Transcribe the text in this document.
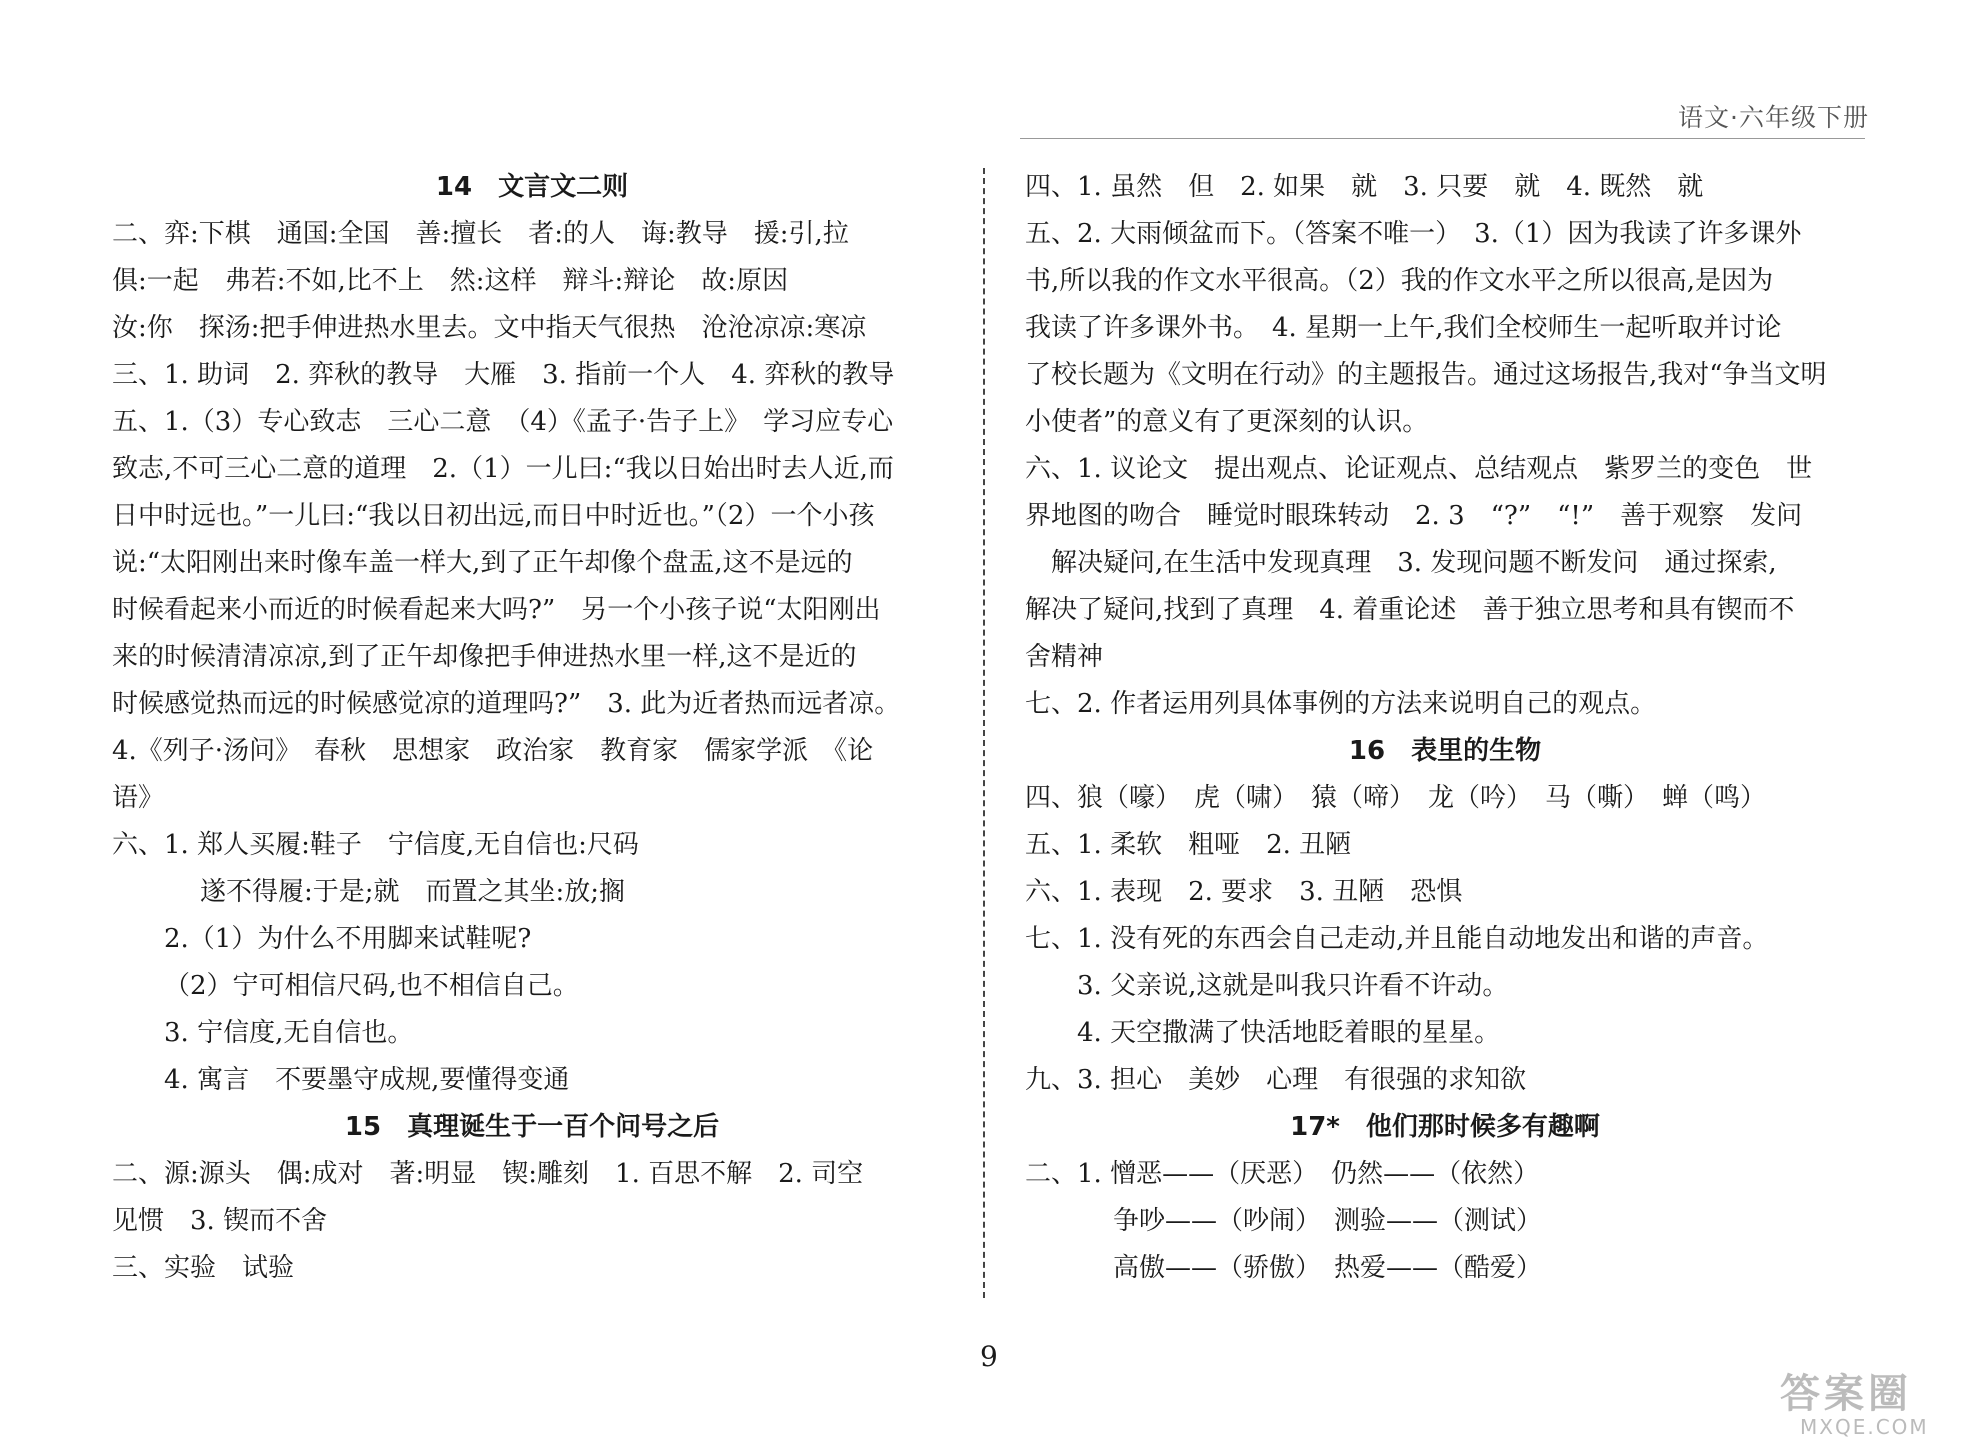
语文·六年级下册
14　文言文二则
二、弈:下棋　通国:全国　善:擅长　者:的人　诲:教导　援:引,拉
俱:一起　弗若:不如,比不上　然:这样　辩斗:辩论　故:原因
汝:你　探汤:把手伸进热水里去。文中指天气很热　沧沧凉凉:寒凉
三、1. 助词　2. 弈秋的教导　大雁　3. 指前一个人　4. 弈秋的教导
五、1.（3）专心致志　三心二意　（4）《孟子·告子上》　学习应专心
致志,不可三心二意的道理　2.（1）一儿曰:“我以日始出时去人近,而
日中时远也。”一儿曰:“我以日初出远,而日中时近也。”（2）一个小孩
说:“太阳刚出来时像车盖一样大,到了正午却像个盘盂,这不是远的
时候看起来小而近的时候看起来大吗?”　另一个小孩子说“太阳刚出
来的时候清清凉凉,到了正午却像把手伸进热水里一样,这不是近的
时候感觉热而远的时候感觉凉的道理吗?”　3. 此为近者热而远者凉。
4.《列子·汤问》　春秋　思想家　政治家　教育家　儒家学派　《论
语》
六、1. 郑人买履:鞋子　宁信度,无自信也:尺码
遂不得履:于是;就　而置之其坐:放;搁
2.（1）为什么不用脚来试鞋呢?
（2）宁可相信尺码,也不相信自己。
3. 宁信度,无自信也。
4. 寓言　不要墨守成规,要懂得变通
15　真理诞生于一百个问号之后
二、源:源头　偶:成对　著:明显　锲:雕刻　1. 百思不解　2. 司空
见惯　3. 锲而不舍
三、实验　试验
四、1. 虽然　但　2. 如果　就　3. 只要　就　4. 既然　就
五、2. 大雨倾盆而下。（答案不唯一）　3.（1）因为我读了许多课外
书,所以我的作文水平很高。（2）我的作文水平之所以很高,是因为
我读了许多课外书。　4. 星期一上午,我们全校师生一起听取并讨论
了校长题为《文明在行动》的主题报告。通过这场报告,我对“争当文明
小使者”的意义有了更深刻的认识。
六、1. 议论文　提出观点、论证观点、总结观点　紫罗兰的变色　世
界地图的吻合　睡觉时眼珠转动　2. 3　“?”　“!”　善于观察　发问
　解决疑问,在生活中发现真理　3. 发现问题不断发问　通过探索,
解决了疑问,找到了真理　4. 着重论述　善于独立思考和具有锲而不
舍精神
七、2. 作者运用列具体事例的方法来说明自己的观点。
16　表里的生物
四、狼（嚎）　虎（啸）　猿（啼）　龙（吟）　马（嘶）　蝉（鸣）
五、1. 柔软　粗哑　2. 丑陋
六、1. 表现　2. 要求　3. 丑陋　恐惧
七、1. 没有死的东西会自己走动,并且能自动地发出和谐的声音。
3. 父亲说,这就是叫我只许看不许动。
4. 天空撒满了快活地眨着眼的星星。
九、3. 担心　美妙　心理　有很强的求知欲
17*　他们那时候多有趣啊
二、1. 憎恶——（厌恶）　仍然——（依然）
争吵——（吵闹）　测验——（测试）
高傲——（骄傲）　热爱——（酷爱）
9
答案圈
MXQE.COM
